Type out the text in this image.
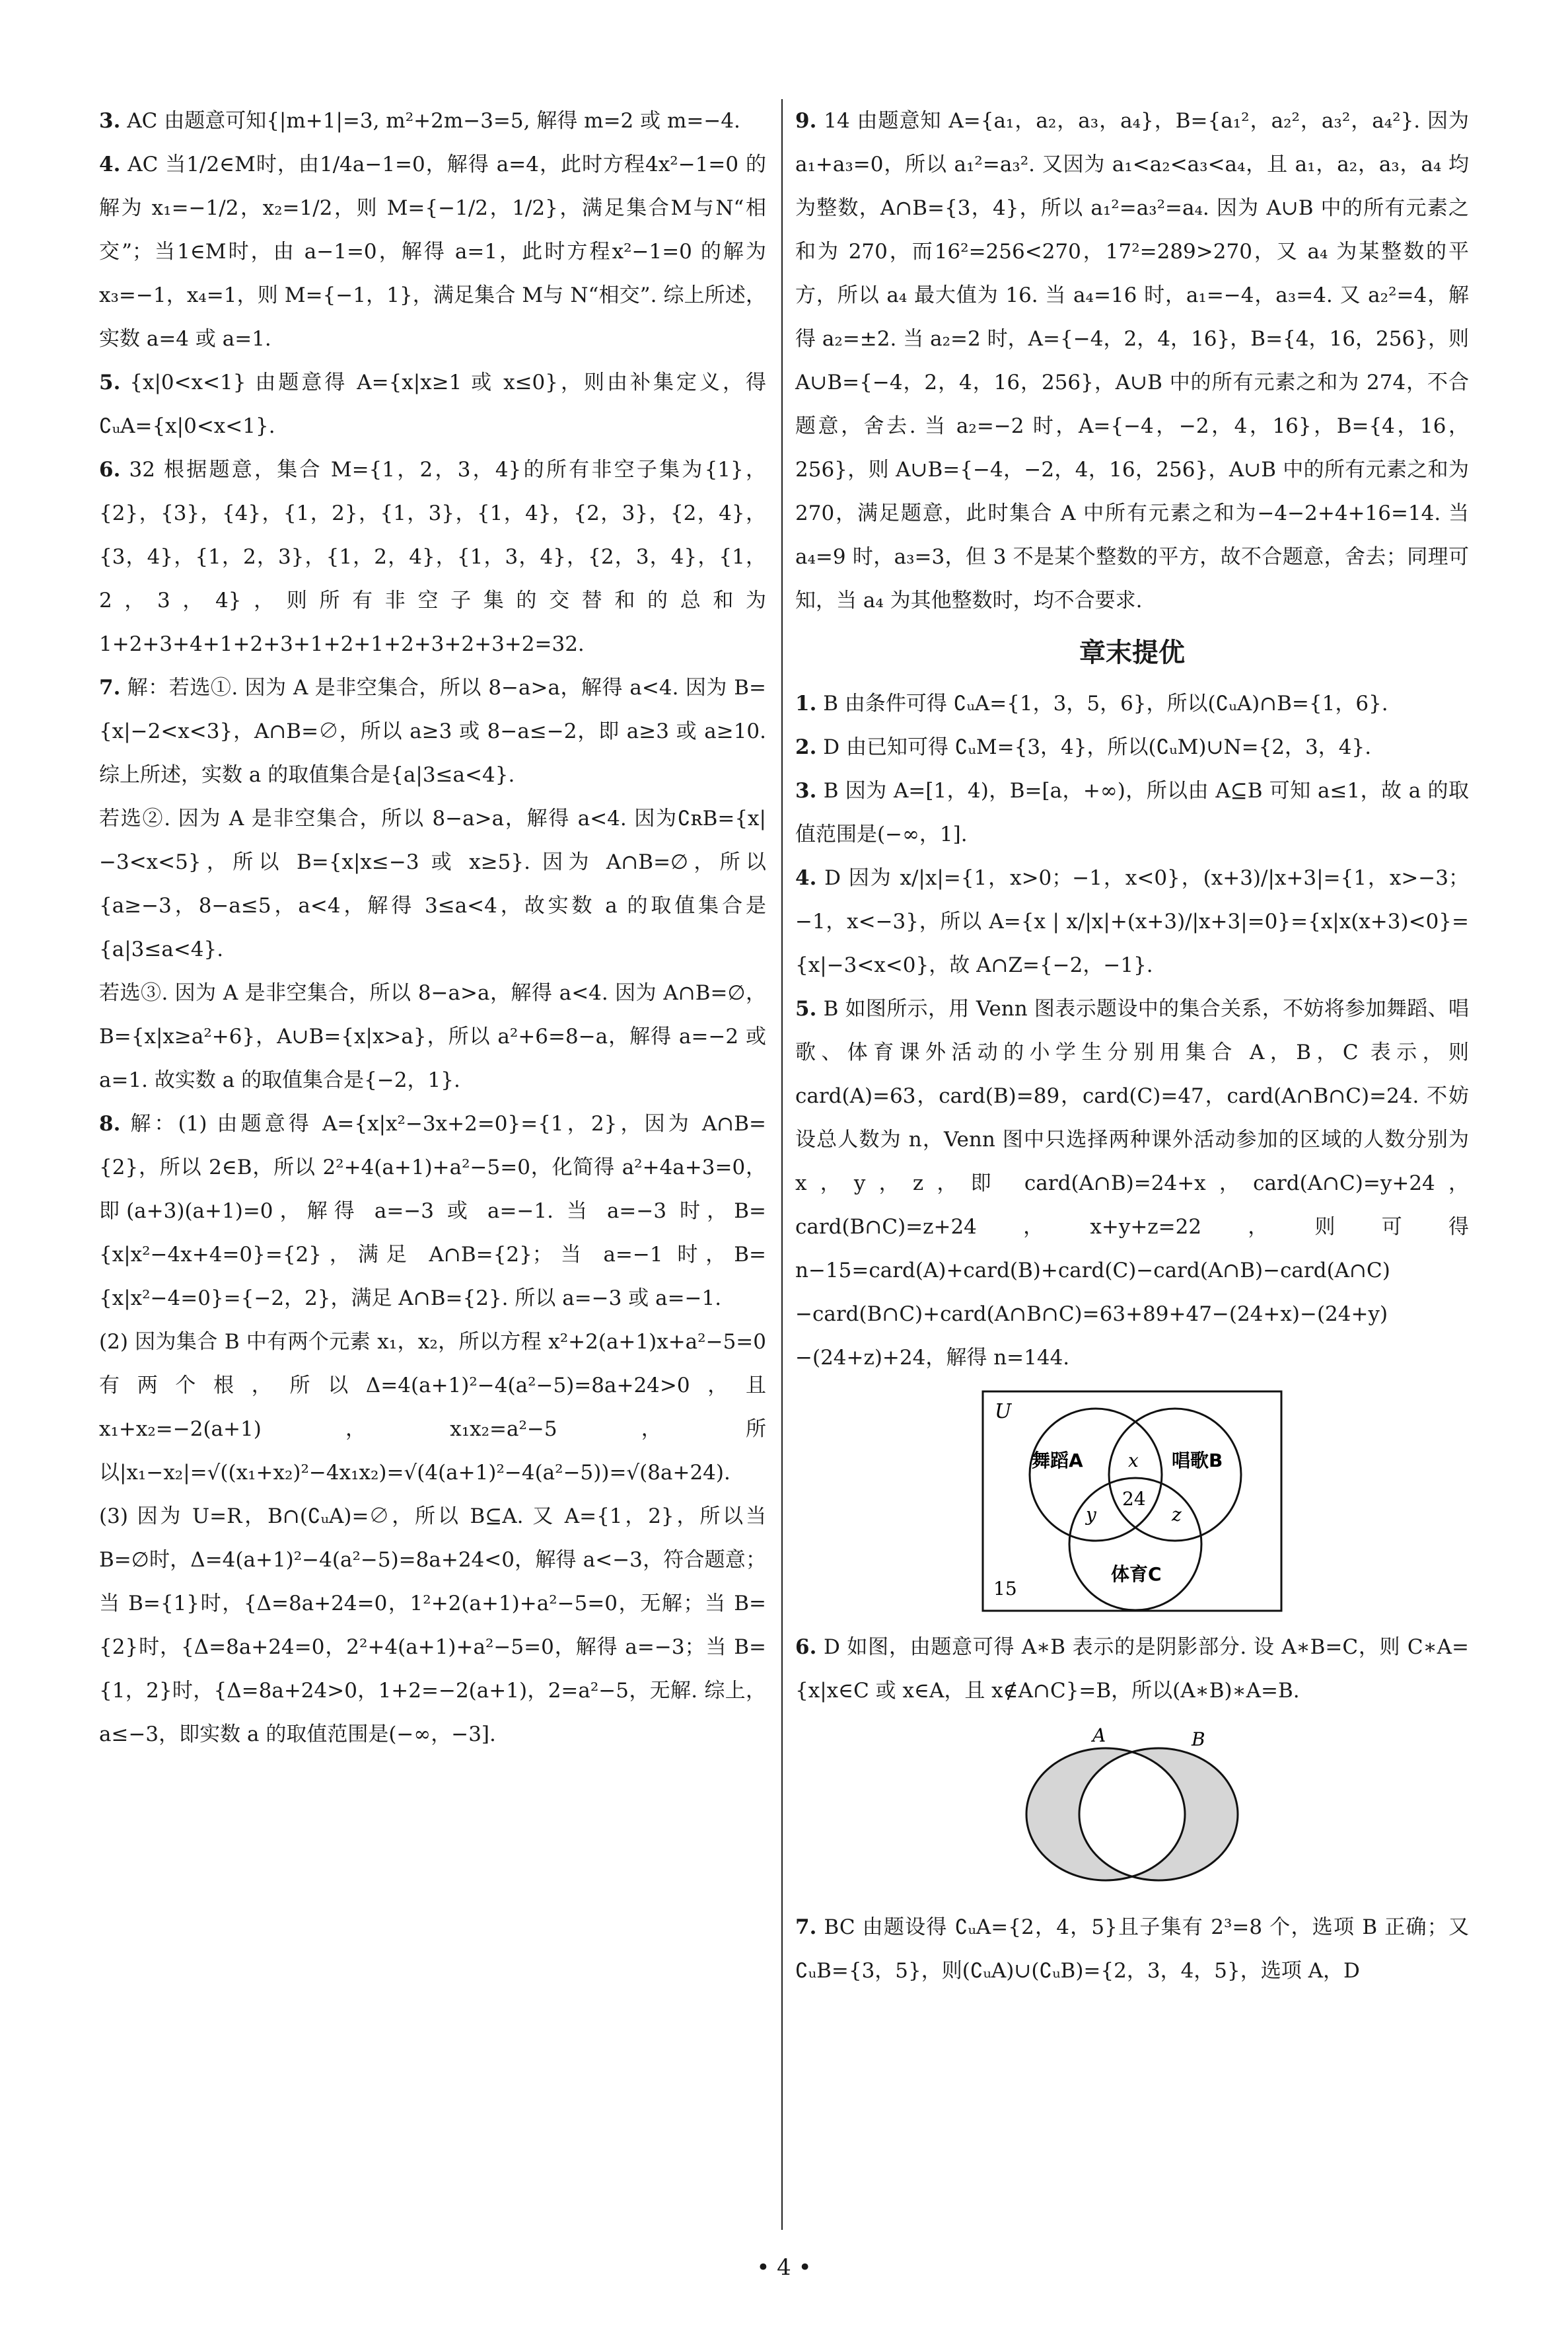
3. AC 由题意可知{|m+1|=3, m²+2m−3=5, 解得 m=2 或 m=−4.

4. AC 当1/2∈M时，由1/4a−1=0，解得 a=4，此时方程4x²−1=0 的解为 x₁=−1/2，x₂=1/2，则 M={−1/2，1/2}，满足集合M与N“相交”；当1∈M时，由 a−1=0，解得 a=1，此时方程x²−1=0 的解为 x₃=−1，x₄=1，则 M={−1，1}，满足集合 M与 N“相交”. 综上所述，实数 a=4 或 a=1.

5. {x|0<x<1} 由题意得 A={x|x≥1 或 x≤0}，则由补集定义，得 ∁ᵤA={x|0<x<1}.

6. 32 根据题意，集合 M={1，2，3，4}的所有非空子集为{1}，{2}，{3}，{4}，{1，2}，{1，3}，{1，4}，{2，3}，{2，4}，{3，4}，{1，2，3}，{1，2，4}，{1，3，4}，{2，3，4}，{1，2，3，4}，则所有非空子集的交替和的总和为 1+2+3+4+1+2+3+1+2+1+2+3+2+3+2=32.

7. 解：若选①. 因为 A 是非空集合，所以 8−a>a，解得 a<4. 因为 B={x|−2<x<3}，A∩B=∅，所以 a≥3 或 8−a≤−2，即 a≥3 或 a≥10. 综上所述，实数 a 的取值集合是{a|3≤a<4}.

若选②. 因为 A 是非空集合，所以 8−a>a，解得 a<4. 因为∁ʀB={x|−3<x<5}，所以 B={x|x≤−3 或 x≥5}. 因为 A∩B=∅，所以{a≥−3，8−a≤5，a<4，解得 3≤a<4，故实数 a 的取值集合是{a|3≤a<4}.

若选③. 因为 A 是非空集合，所以 8−a>a，解得 a<4. 因为 A∩B=∅，B={x|x≥a²+6}，A∪B={x|x>a}，所以 a²+6=8−a，解得 a=−2 或 a=1. 故实数 a 的取值集合是{−2，1}.

8. 解：(1) 由题意得 A={x|x²−3x+2=0}={1，2}，因为 A∩B={2}，所以 2∈B，所以 2²+4(a+1)+a²−5=0，化简得 a²+4a+3=0，即(a+3)(a+1)=0，解得 a=−3 或 a=−1. 当 a=−3 时，B={x|x²−4x+4=0}={2}，满足 A∩B={2}；当 a=−1 时，B={x|x²−4=0}={−2，2}，满足 A∩B={2}. 所以 a=−3 或 a=−1.

(2) 因为集合 B 中有两个元素 x₁，x₂，所以方程 x²+2(a+1)x+a²−5=0 有两个根，所以Δ=4(a+1)²−4(a²−5)=8a+24>0，且 x₁+x₂=−2(a+1)，x₁x₂=a²−5，所以|x₁−x₂|=√((x₁+x₂)²−4x₁x₂)=√(4(a+1)²−4(a²−5))=√(8a+24).

(3) 因为 U=R，B∩(∁ᵤA)=∅，所以 B⊆A. 又 A={1，2}，所以当 B=∅时，Δ=4(a+1)²−4(a²−5)=8a+24<0，解得 a<−3，符合题意；当 B={1}时，{Δ=8a+24=0，1²+2(a+1)+a²−5=0，无解；当 B={2}时，{Δ=8a+24=0，2²+4(a+1)+a²−5=0，解得 a=−3；当 B={1，2}时，{Δ=8a+24>0，1+2=−2(a+1)，2=a²−5，无解. 综上，a≤−3，即实数 a 的取值范围是(−∞，−3].

9. 14 由题意知 A={a₁，a₂，a₃，a₄}，B={a₁²，a₂²，a₃²，a₄²}. 因为 a₁+a₃=0，所以 a₁²=a₃². 又因为 a₁<a₂<a₃<a₄，且 a₁，a₂，a₃，a₄ 均为整数，A∩B={3，4}，所以 a₁²=a₃²=a₄. 因为 A∪B 中的所有元素之和为 270，而16²=256<270，17²=289>270，又 a₄ 为某整数的平方，所以 a₄ 最大值为 16. 当 a₄=16 时，a₁=−4，a₃=4. 又 a₂²=4，解得 a₂=±2. 当 a₂=2 时，A={−4，2，4，16}，B={4，16，256}，则 A∪B={−4，2，4，16，256}，A∪B 中的所有元素之和为 274，不合题意，舍去. 当 a₂=−2 时，A={−4，−2，4，16}，B={4，16，256}，则 A∪B={−4，−2，4，16，256}，A∪B 中的所有元素之和为 270，满足题意，此时集合 A 中所有元素之和为−4−2+4+16=14. 当 a₄=9 时，a₃=3，但 3 不是某个整数的平方，故不合题意，舍去；同理可知，当 a₄ 为其他整数时，均不合要求.

章末提优

1. B 由条件可得 ∁ᵤA={1，3，5，6}，所以(∁ᵤA)∩B={1，6}.

2. D 由已知可得 ∁ᵤM={3，4}，所以(∁ᵤM)∪N={2，3，4}.

3. B 因为 A=[1，4)，B=[a，+∞)，所以由 A⊆B 可知 a≤1，故 a 的取值范围是(−∞，1].

4. D 因为 x/|x|={1，x>0；−1，x<0}，(x+3)/|x+3|={1，x>−3；−1，x<−3}，所以 A={x | x/|x|+(x+3)/|x+3|=0}={x|x(x+3)<0}={x|−3<x<0}，故 A∩Z={−2，−1}.

5. B 如图所示，用 Venn 图表示题设中的集合关系，不妨将参加舞蹈、唱歌、体育课外活动的小学生分别用集合 A，B，C 表示，则 card(A)=63，card(B)=89，card(C)=47，card(A∩B∩C)=24. 不妨设总人数为 n，Venn 图中只选择两种课外活动参加的区域的人数分别为 x，y，z，即 card(A∩B)=24+x，card(A∩C)=y+24，card(B∩C)=z+24，x+y+z=22，则可得 n−15=card(A)+card(B)+card(C)−card(A∩B)−card(A∩C)−card(B∩C)+card(A∩B∩C)=63+89+47−(24+x)−(24+y)−(24+z)+24，解得 n=144.

U
舞蹈A	唱歌B
体育C
x
y	z
24
15

6. D 如图，由题意可得 A∗B 表示的是阴影部分. 设 A∗B=C，则 C∗A={x|x∈C 或 x∈A，且 x∉A∩C}=B，所以(A∗B)∗A=B.

A	B

7. BC 由题设得 ∁ᵤA={2，4，5}且子集有 2³=8 个，选项 B 正确；又 ∁ᵤB={3，5}，则(∁ᵤA)∪(∁ᵤB)={2，3，4，5}，选项 A，D

• 4 •
